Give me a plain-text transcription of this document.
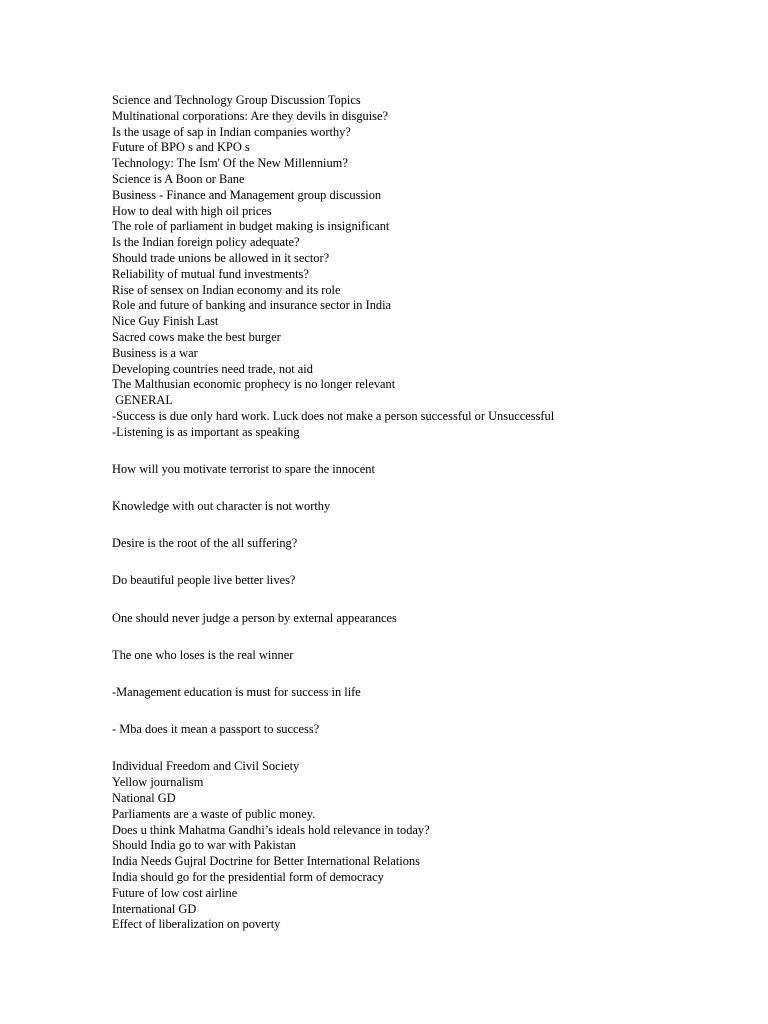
Science and Technology Group Discussion Topics
Multinational corporations: Are they devils in disguise?
Is the usage of sap in Indian companies worthy?
Future of BPO s and KPO s
Technology: The Ism' Of the New Millennium?
Science is A Boon or Bane
Business - Finance and Management group discussion
How to deal with high oil prices
The role of parliament in budget making is insignificant
Is the Indian foreign policy adequate?
Should trade unions be allowed in it sector?
Reliability of mutual fund investments?
Rise of sensex on Indian economy and its role
Role and future of banking and insurance sector in India
Nice Guy Finish Last
Sacred cows make the best burger
Business is a war
Developing countries need trade, not aid
The Malthusian economic prophecy is no longer relevant
GENERAL
-Success is due only hard work. Luck does not make a person successful or Unsuccessful
-Listening is as important as speaking
How will you motivate terrorist to spare the innocent
Knowledge with out character is not worthy
Desire is the root of the all suffering?
Do beautiful people live better lives?
One should never judge a person by external appearances
The one who loses is the real winner
-Management education is must for success in life
- Mba does it mean a passport to success?
Individual Freedom and Civil Society
Yellow journalism
National GD
Parliaments are a waste of public money.
Does u think Mahatma Gandhi’s ideals hold relevance in today?
Should India go to war with Pakistan
India Needs Gujral Doctrine for Better International Relations
India should go for the presidential form of democracy
Future of low cost airline
International GD
Effect of liberalization on poverty
